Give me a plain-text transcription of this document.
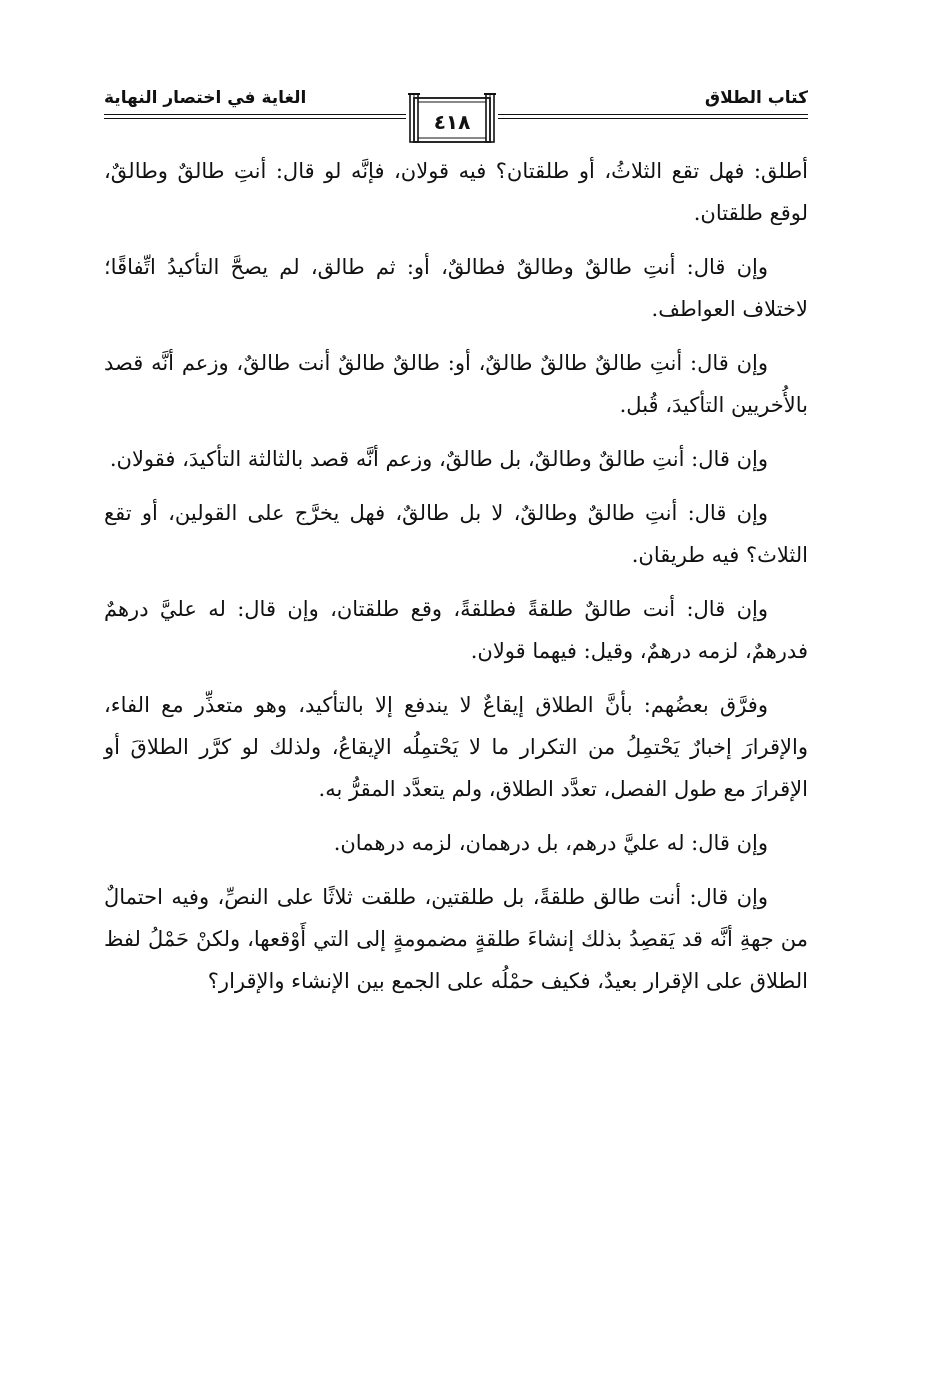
كتاب الطلاق
الغاية في اختصار النهاية
٤١٨

أطلق: فهل تقع الثلاثُ، أو طلقتان؟ فيه قولان، فإنَّه لو قال: أنتِ طالقٌ وطالقٌ، لوقع طلقتان.

وإن قال: أنتِ طالقٌ وطالقٌ فطالقٌ، أو: ثم طالق، لم يصحَّ التأكيدُ اتِّفاقًا؛ لاختلاف العواطف.

وإن قال: أنتِ طالقٌ طالقٌ طالقٌ، أو: طالقٌ طالقٌ أنت طالقٌ، وزعم أنَّه قصد بالأُخريين التأكيدَ، قُبل.

وإن قال: أنتِ طالقٌ وطالقٌ، بل طالقٌ، وزعم أنَّه قصد بالثالثة التأكيدَ، فقولان.

وإن قال: أنتِ طالقٌ وطالقٌ، لا بل طالقٌ، فهل يخرَّج على القولين، أو تقع الثلاث؟ فيه طريقان.

وإن قال: أنت طالقٌ طلقةً فطلقةً، وقع طلقتان، وإن قال: له عليَّ درهمٌ فدرهمٌ، لزمه درهمٌ، وقيل: فيهما قولان.

وفرَّق بعضُهم: بأنَّ الطلاق إيقاعٌ لا يندفع إلا بالتأكيد، وهو متعذِّر مع الفاء، والإقرارَ إخبارٌ يَحْتمِلُ من التكرار ما لا يَحْتمِلُه الإيقاعُ، ولذلك لو كرَّر الطلاقَ أو الإقرارَ مع طول الفصل، تعدَّد الطلاق، ولم يتعدَّد المقرُّ به.

وإن قال: له عليَّ درهم، بل درهمان، لزمه درهمان.

وإن قال: أنت طالق طلقةً، بل طلقتين، طلقت ثلاثًا على النصِّ، وفيه احتمالٌ من جهةِ أنَّه قد يَقصِدُ بذلك إنشاءَ طلقةٍ مضمومةٍ إلى التي أَوْقعها، ولكنْ حَمْلُ لفظ الطلاق على الإقرار بعيدٌ، فكيف حمْلُه على الجمع بين الإنشاء والإقرار؟
